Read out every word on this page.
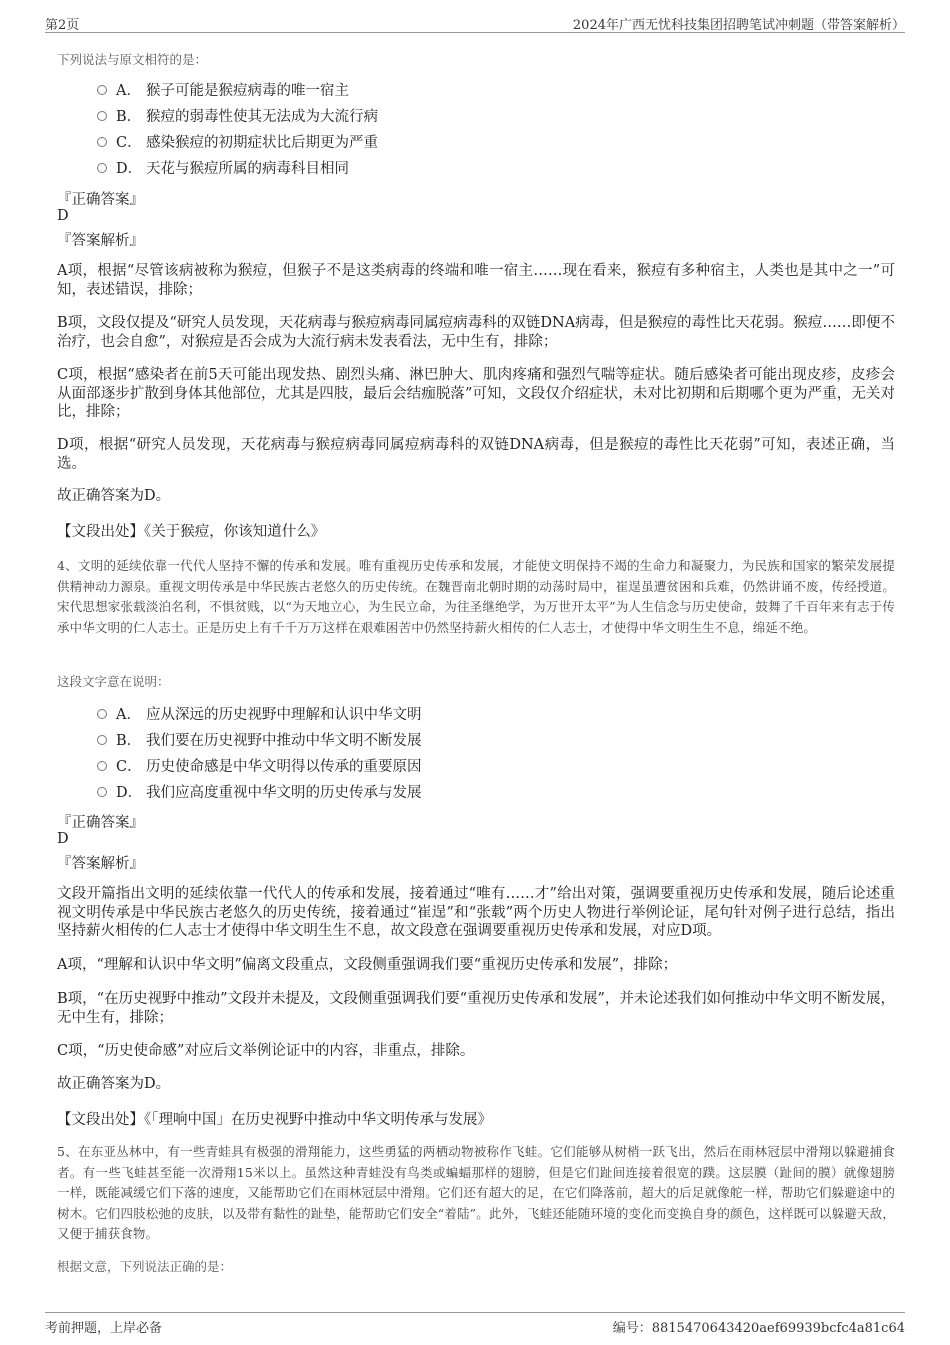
第2页	2024年广西无忧科技集团招聘笔试冲刺题（带答案解析）
下列说法与原文相符的是：
A． 猴子可能是猴痘病毒的唯一宿主
B． 猴痘的弱毒性使其无法成为大流行病
C． 感染猴痘的初期症状比后期更为严重
D． 天花与猴痘所属的病毒科目相同
『正确答案』
D
『答案解析』
A项，根据“尽管该病被称为猴痘，但猴子不是这类病毒的终端和唯一宿主……现在看来，猴痘有多种宿主，人类也是其中之一”可知，表述错误，排除；
B项，文段仅提及“研究人员发现，天花病毒与猴痘病毒同属痘病毒科的双链DNA病毒，但是猴痘的毒性比天花弱。猴痘……即便不治疗，也会自愈”，对猴痘是否会成为大流行病未发表看法，无中生有，排除；
C项，根据“感染者在前5天可能出现发热、剧烈头痛、淋巴肿大、肌肉疼痛和强烈气喘等症状。随后感染者可能出现皮疹，皮疹会从面部逐步扩散到身体其他部位，尤其是四肢，最后会结痂脱落”可知，文段仅介绍症状，未对比初期和后期哪个更为严重，无关对比，排除；
D项，根据“研究人员发现，天花病毒与猴痘病毒同属痘病毒科的双链DNA病毒，但是猴痘的毒性比天花弱”可知，表述正确，当选。
故正确答案为D。
【文段出处】《关于猴痘，你该知道什么》
4、文明的延续依靠一代代人坚持不懈的传承和发展。唯有重视历史传承和发展，才能使文明保持不竭的生命力和凝聚力，为民族和国家的繁荣发展提供精神动力源泉。重视文明传承是中华民族古老悠久的历史传统。在魏晋南北朝时期的动荡时局中，崔逞虽遭贫困和兵难，仍然讲诵不废，传经授道。宋代思想家张载淡泊名利，不惧贫贱，以“为天地立心，为生民立命，为往圣继绝学，为万世开太平”为人生信念与历史使命，鼓舞了千百年来有志于传承中华文明的仁人志士。正是历史上有千千万万这样在艰难困苦中仍然坚持薪火相传的仁人志士，才使得中华文明生生不息，绵延不绝。
这段文字意在说明：
A． 应从深远的历史视野中理解和认识中华文明
B． 我们要在历史视野中推动中华文明不断发展
C． 历史使命感是中华文明得以传承的重要原因
D． 我们应高度重视中华文明的历史传承与发展
『正确答案』
D
『答案解析』
文段开篇指出文明的延续依靠一代代人的传承和发展，接着通过“唯有……才”给出对策，强调要重视历史传承和发展，随后论述重视文明传承是中华民族古老悠久的历史传统，接着通过“崔逞”和“张载”两个历史人物进行举例论证，尾句针对例子进行总结，指出坚持薪火相传的仁人志士才使得中华文明生生不息，故文段意在强调要重视历史传承和发展，对应D项。
A项，“理解和认识中华文明”偏离文段重点，文段侧重强调我们要“重视历史传承和发展”，排除；
B项，“在历史视野中推动”文段并未提及，文段侧重强调我们要“重视历史传承和发展”，并未论述我们如何推动中华文明不断发展，无中生有，排除；
C项，“历史使命感”对应后文举例论证中的内容，非重点，排除。
故正确答案为D。
【文段出处】《「理响中国」在历史视野中推动中华文明传承与发展》
5、在东亚丛林中，有一些青蛙具有极强的滑翔能力，这些勇猛的两栖动物被称作飞蛙。它们能够从树梢一跃飞出，然后在雨林冠层中滑翔以躲避捕食者。有一些飞蛙甚至能一次滑翔15米以上。虽然这种青蛙没有鸟类或蝙蝠那样的翅膀，但是它们趾间连接着很宽的蹼。这层膜（趾间的膜）就像翅膀一样，既能减缓它们下落的速度，又能帮助它们在雨林冠层中滑翔。它们还有超大的足，在它们降落前，超大的后足就像舵一样，帮助它们躲避途中的树木。它们四肢松弛的皮肤，以及带有黏性的趾垫，能帮助它们安全“着陆”。此外，飞蛙还能随环境的变化而变换自身的颜色，这样既可以躲避天敌，又便于捕获食物。
根据文意，下列说法正确的是：
考前押题，上岸必备	编号：8815470643420aef69939bcfc4a81c64
